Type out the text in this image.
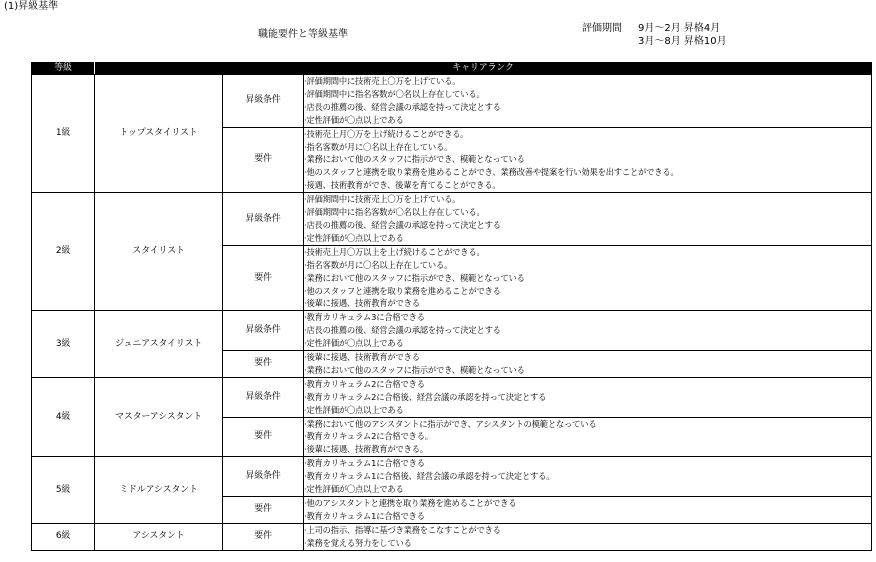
(1)昇級基準
職能要件と等級基準
評価期間 9月～2月 昇格4月
3月～8月 昇格10月
等級	キャリアランク		
1級	トップスタイリスト	昇級条件	· 評価期間中に技術売上〇万を上げている。
· 評価期間中に指名客数が〇名以上存在している。
· 店長の推薦の後、経営会議の承認を持って決定とする
· 定性評価が〇点以上である

		要件	· 技術売上月〇万を上げ続けることができる。
· 指名客数が月に〇名以上存在している。
· 業務において他のスタッフに指示ができ、模範となっている
· 他のスタッフと連携を取り業務を進めることができ、業務改善や提案を行い効果を出すことができる。
· 接遇、技術教育ができ、後輩を育てることができる。

2級	スタイリスト	昇級条件	· 評価期間中に技術売上〇万を上げている。
· 評価期間中に指名客数が〇名以上存在している。
· 店長の推薦の後、経営会議の承認を持って決定とする
· 定性評価が〇点以上である

		要件	· 技術売上月〇万以上を上げ続けることができる。
· 指名客数が月に〇名以上存在している。
· 業務において他のスタッフに指示ができ、模範となっている
· 他のスタッフと連携を取り業務を進めることができる
· 後輩に接遇、技術教育ができる

3級	ジュニアスタイリスト	昇級条件	· 教育カリキュラム3に合格できる
· 店長の推薦の後、経営会議の承認を持って決定とする
· 定性評価が〇点以上である

		要件	· 後輩に接遇、技術教育ができる
· 業務において他のスタッフに指示ができ、模範となっている

4級	マスターアシスタント	昇級条件	· 教育カリキュラム2に合格できる
· 教育カリキュラム2に合格後、経営会議の承認を持って決定とする
· 定性評価が〇点以上である

		要件	· 業務において他のアシスタントに指示ができ、アシスタントの模範となっている
· 教育カリキュラム2に合格できる。
· 後輩に接遇、技術教育ができる。

5級	ミドルアシスタント	昇級条件	· 教育カリキュラム1に合格できる
· 教育カリキュラム1に合格後、経営会議の承認を持って決定とする。
· 定性評価が〇点以上である

		要件	· 他のアシスタントと連携を取り業務を進めることができる
· 教育カリキュラム1に合格できる

6級	アシスタント	要件	· 上司の指示、指導に基づき業務をこなすことができる
· 業務を覚える努力をしている
